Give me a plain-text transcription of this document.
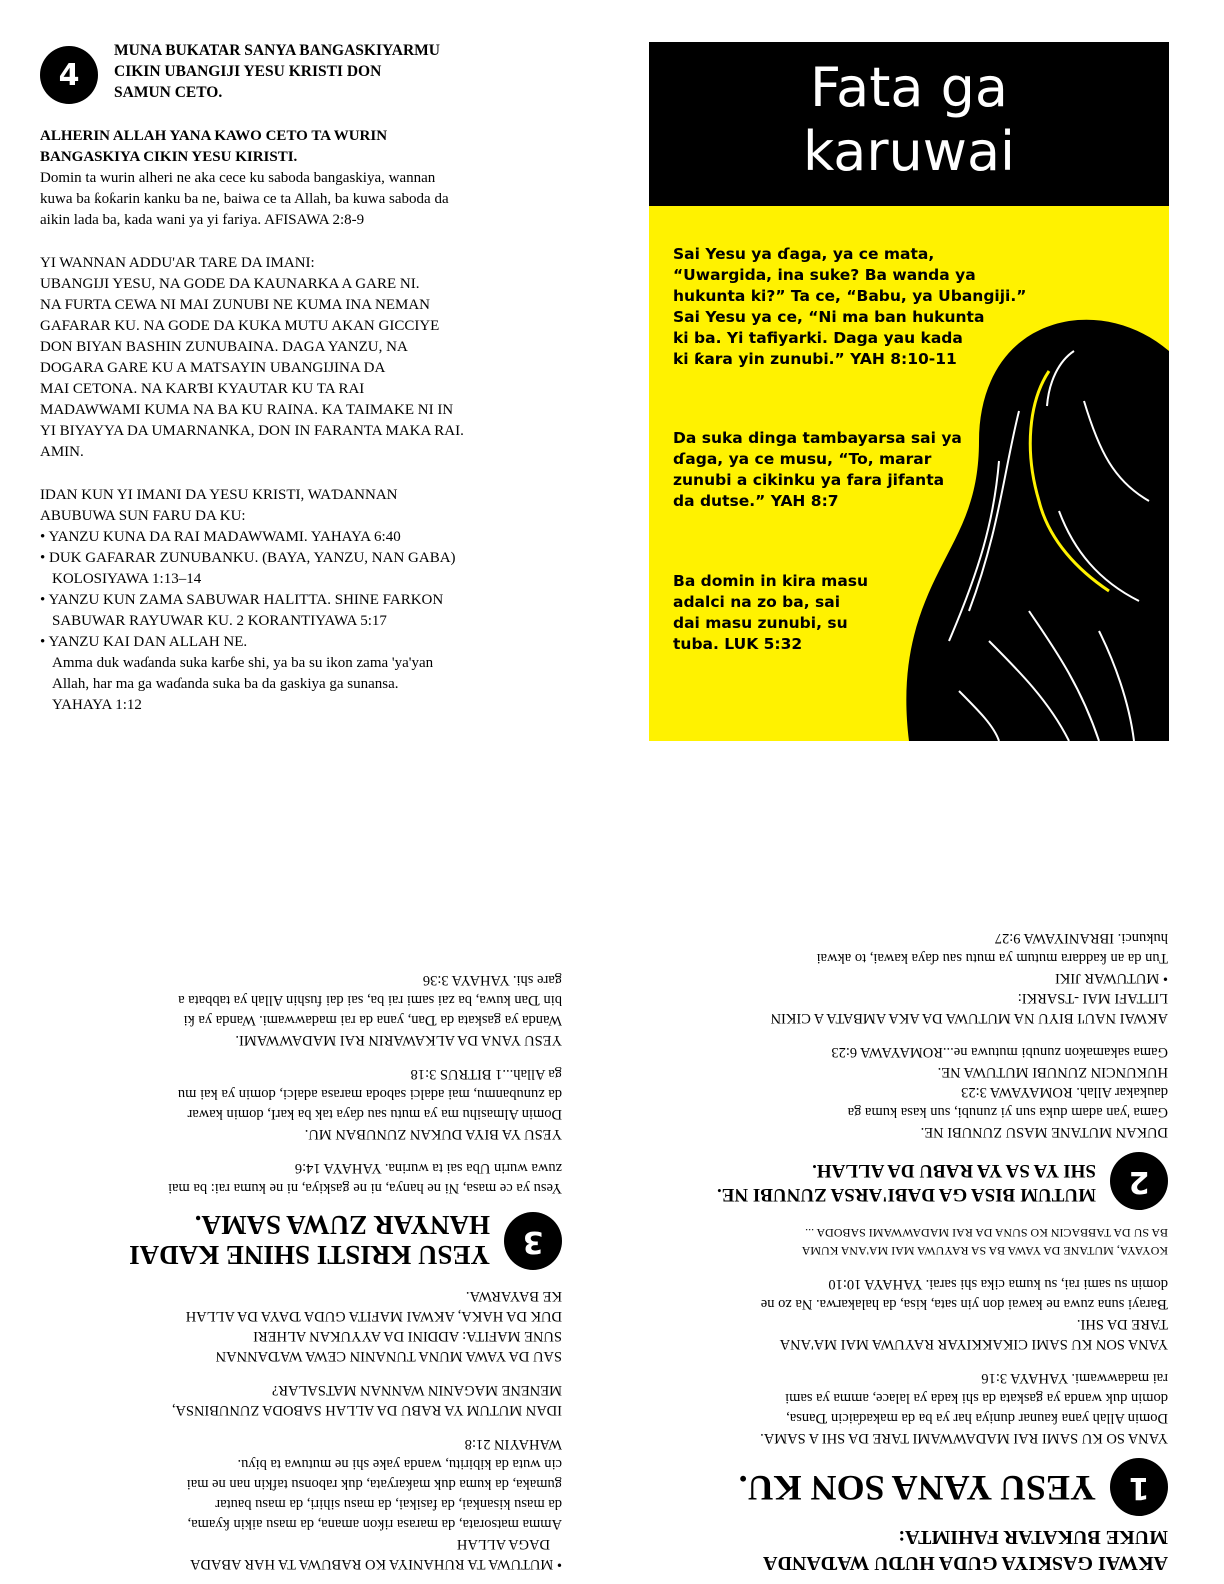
4
MUNA BUKATAR SANYA BANGASKIYARMU
CIKIN UBANGIJI YESU KRISTI DON
SAMUN CETO.
ALHERIN ALLAH YANA KAWO CETO TA WURIN
BANGASKIYA CIKIN YESU KIRISTI.
Domin ta wurin alheri ne aka cece ku saboda bangaskiya, wannan
kuwa ba ƙoƙarin kanku ba ne, baiwa ce ta Allah, ba kuwa saboda da
aikin lada ba, kada wani ya yi fariya. AFISAWA 2:8-9
YI WANNAN ADDU'AR TARE DA IMANI:
UBANGIJI YESU, NA GODE DA KAUNARKA A GARE NI.
NA FURTA CEWA NI MAI ZUNUBI NE KUMA INA NEMAN
GAFARAR KU. NA GODE DA KUKA MUTU AKAN GICCIYE
DON BIYAN BASHIN ZUNUBAINA. DAGA YANZU, NA
DOGARA GARE KU A MATSAYIN UBANGIJINA DA
MAI CETONA. NA KARƁI KYAUTAR KU TA RAI
MADAWWAMI KUMA NA BA KU RAINA. KA TAIMAKE NI IN
YI BIYAYYA DA UMARNANKA, DON IN FARANTA MAKA RAI.
AMIN.
IDAN KUN YI IMANI DA YESU KRISTI, WAƊANNAN
ABUBUWA SUN FARU DA KU:
• YANZU KUNA DA RAI MADAWWAMI. YAHAYA 6:40
• DUK GAFARAR ZUNUBANKU. (BAYA, YANZU, NAN GABA)
KOLOSIYAWA 1:13–14
• YANZU KUN ZAMA SABUWAR HALITTA. SHINE FARKON
SABUWAR RAYUWAR KU. 2 KORANTIYAWA 5:17
• YANZU KAI DAN ALLAH NE.
Amma duk waɗanda suka karɓe shi, ya ba su ikon zama 'ya'yan
Allah, har ma ga waɗanda suka ba da gaskiya ga sunansa.
YAHAYA 1:12
Fata ga
karuwai
Sai Yesu ya ɗaga, ya ce mata,
“Uwargida, ina suke? Ba wanda ya
hukunta ki?” Ta ce, “Babu, ya Ubangiji.”
Sai Yesu ya ce, “Ni ma ban hukunta
ki ba. Yi tafiyarki. Daga yau kada
ki ƙara yin zunubi.” YAH 8:10-11
Da suka dinga tambayarsa sai ya
ɗaga, ya ce musu, “To, marar
zunubi a cikinku ya fara jifanta
da dutse.” YAH 8:7
Ba domin in kira masu
adalci na zo ba, sai
dai masu zunubi, su
tuba. LUK 5:32
AKWAI GASKIYA GUDA HUƊU WAƊANDA
MUKE BUKATAR FAHIMTA:
1
YESU YANA SON KU.
YANA SO KU SAMI RAI MADAWWAMI TARE DA SHI A SAMA.
Domin Allah yana ƙaunar duniya har ya ba da makaɗaicin Ɗansa,
domin duk wanda ya gaskata da shi kada ya lalace, amma ya sami
rai madawwami. YAHAYA 3:16
YANA SON KU SAMI CIKAKKIYAR RAYUWA MAI MA'ANA
TARE DA SHI.
Ɓarayi suna zuwa ne kawai don yin sata, kisa, da halakarwa. Na zo ne
domin su sami rai, su kuma cika shi sarai. YAHAYA 10:10
KOYAYA, MUTANE DA YAWA BA SA RAYUWA MAI MA'ANA KUMA
BA SU DA TABBACIN KO SUNA DA RAI MADAWWAMI SABODA ...
2
MUTUM BISA GA DABI'ARSA ZUNUBI NE.
SHI YA SA YA RABU DA ALLAH.
DUKAN MUTANE MASU ZUNUBI NE.
Gama 'yan adam duka sun yi zunubi, sun kasa kuma ga
daukakar Allah. ROMAYAWA 3:23
HUKUNCIN ZUNUBI MUTUWA NE.
Gama sakamakon zunubi mutuwa ne...ROMAYAWA 6:23
AKWAI NAU'I BIYU NA MUTUWA DA AKA AMBATA A CIKIN
LITTAFI MAI -TSARKI:
• MUTUWAR JIKI
Tun da an ƙaddara mutum ya mutu sau ɗaya kawai, to akwai
hukunci. IBRANIYAWA 9:27
• MUTUWA TA RUHANIYA KO RABUWA TA HAR ABADA
DAGA ALLAH
Amma matsorata, da marasa riƙon amana, da masu aikin ƙyama,
da masu kisankai, da fasikai, da masu sihiri, da masu bautar
gumaka, da kuma duk maƙaryata, duk rabonsu tafkin nan ne mai
cin wuta da kibiritu, wanda yake shi ne mutuwa ta biyu.
WAHAYIN 21:8
IDAN MUTUM YA RABU DA ALLAH SABODA ZUNUBINSA,
MENENE MAGANIN WANNAN MATSALAR?
SAU DA YAWA MUNA TUNANIN CEWA WAƊANNAN
SUNE MAFITA: ADDINI DA AYYUKAN ALHERI
DUK DA HAKA, AKWAI MAFITA GUDA ƊAYA DA ALLAH
KE BAYARWA.
3
YESU KRISTI SHINE KADAI
HANYAR ZUWA SAMA.
Yesu ya ce masa, Ni ne hanya, ni ne gaskiya, ni ne kuma rai: ba mai
zuwa wurin Uba sai ta wurina. YAHAYA 14:6
YESU YA BIYA DUKAN ZUNUBAN MU.
Domin Almasihu ma ya mutu sau ɗaya tak ba karI, domin kawar
da zunubanmu, mai adalci saboda marasa adalci, domin ya kai mu
ga Allah...1 BITRUS 3:18
YESU YANA DA ALKAWARIN RAI MADAWWAMI.
Wanda ya gaskata da Ɗan, yana da rai madawwami. Wanda ya ƙi
bin Ɗan kuwa, ba zai sami rai ba, sai dai fushin Allah ya tabbata a
gare shi. YAHAYA 3:36
